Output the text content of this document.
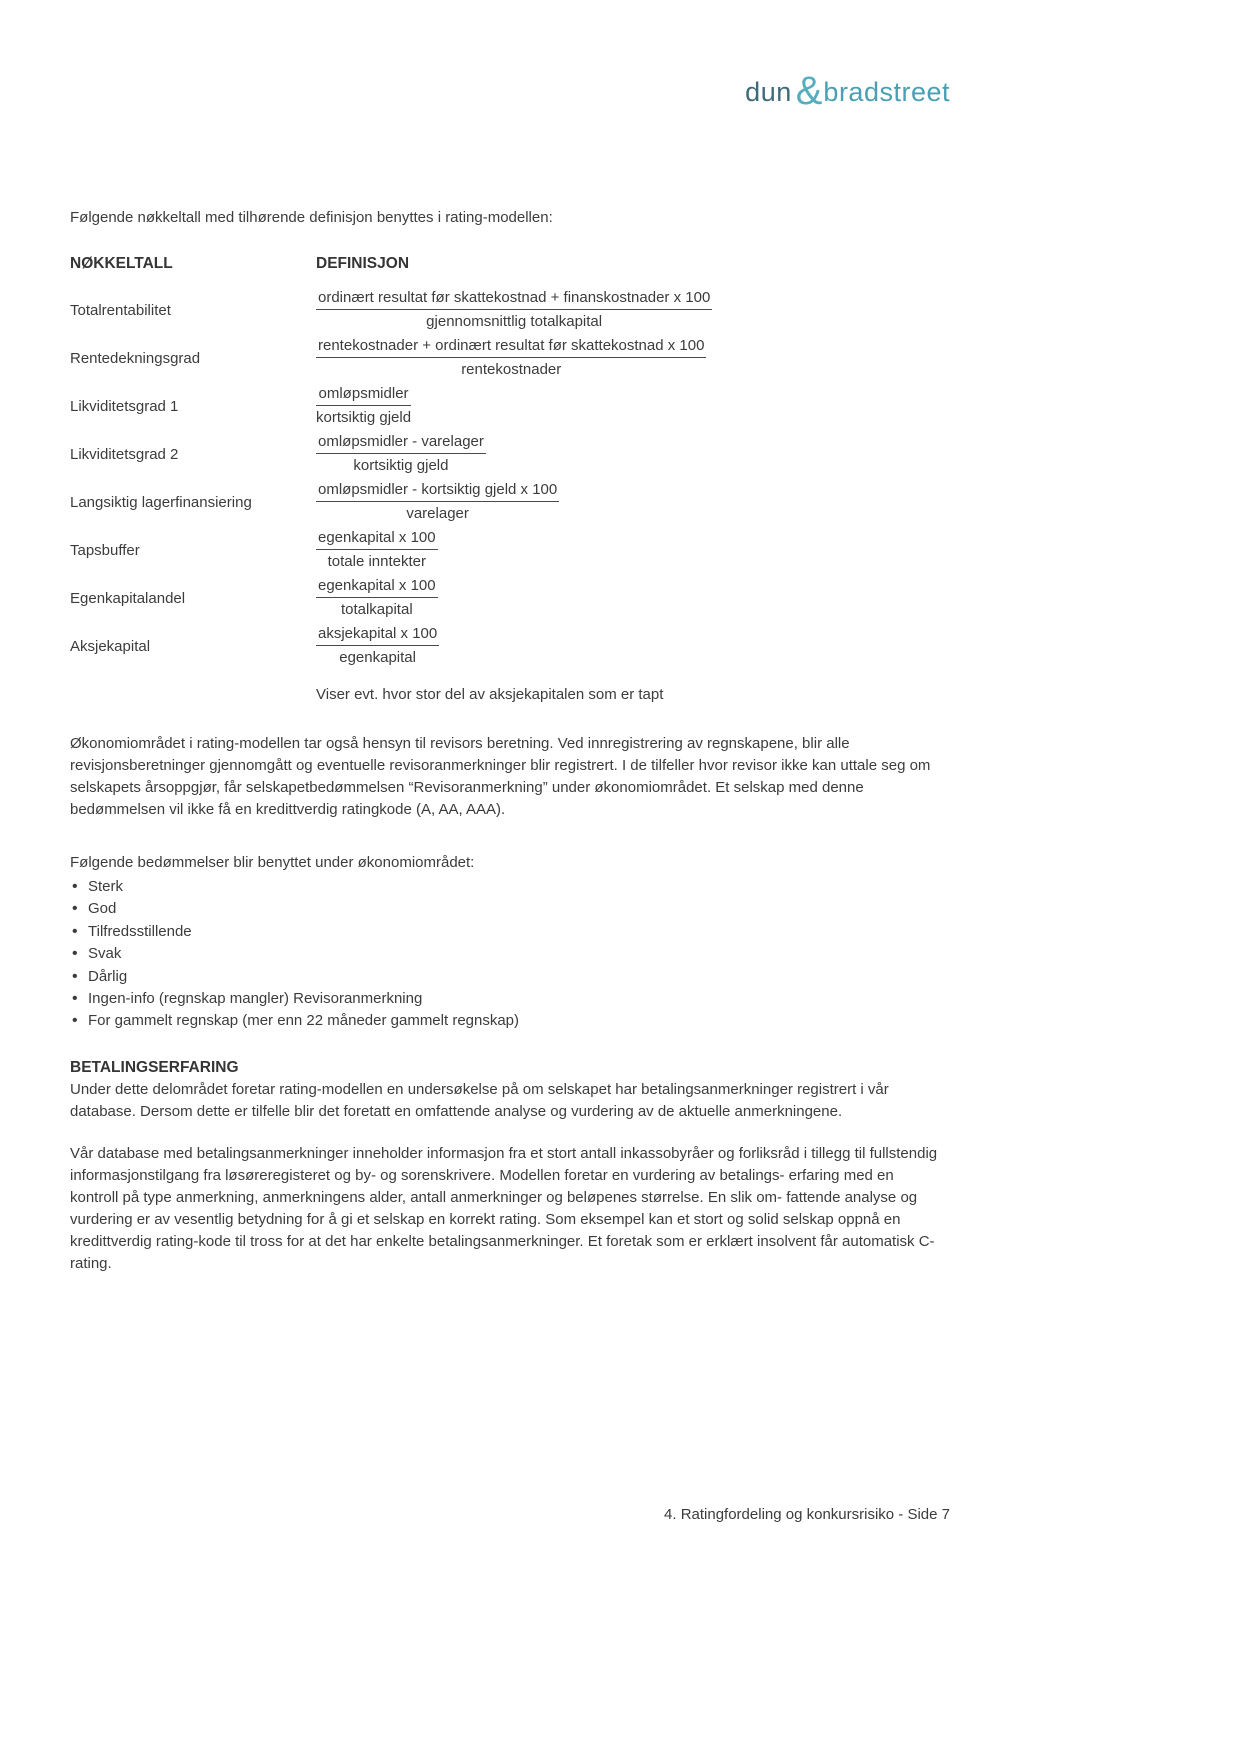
dun & bradstreet

Følgende nøkkeltall med tilhørende definisjon benyttes i rating-modellen:

NØKKELTALL	DEFINISJON
Totalrentabilitet	$\frac{\text{ordinært resultat før skattekostnad + finanskostnader x 100}}{\text{gjennomsnittlig totalkapital}}$
Rentedekningsgrad	$\frac{\text{rentekostnader + ordinært resultat før skattekostnad x 100}}{\text{rentekostnader}}$
Likviditetsgrad 1	$\frac{\text{omløpsmidler}}{\text{kortsiktig gjeld}}$
Likviditetsgrad 2	$\frac{\text{omløpsmidler - varelager}}{\text{kortsiktig gjeld}}$
Langsiktig lagerfinansiering	$\frac{\text{omløpsmidler - kortsiktig gjeld x 100}}{\text{varelager}}$
Tapsbuffer	$\frac{\text{egenkapital x 100}}{\text{totale inntekter}}$
Egenkapitalandel	$\frac{\text{egenkapital x 100}}{\text{totalkapital}}$
Aksjekapital	$\frac{\text{aksjekapital x 100}}{\text{egenkapital}}$
Viser evt. hvor stor del av aksjekapitalen som er tapt

Økonomiområdet i rating-modellen tar også hensyn til revisors beretning. Ved innregistrering av regnskapene, blir alle revisjonsberetninger gjennomgått og eventuelle revisoranmerkninger blir registrert. I de tilfeller hvor revisor ikke kan uttale seg om selskapets årsoppgjør, får selskapetbedømmelsen “Revisoranmerkning” under økonomiområdet. Et selskap med denne bedømmelsen vil ikke få en kredittverdig ratingkode (A, AA, AAA).

Følgende bedømmelser blir benyttet under økonomiområdet:

• Sterk
• God
• Tilfredsstillende
• Svak
• Dårlig
• Ingen-info (regnskap mangler) Revisoranmerkning
• For gammelt regnskap (mer enn 22 måneder gammelt regnskap)
BETALINGSERFARING

Under dette delområdet foretar rating-modellen en undersøkelse på om selskapet har betalingsanmerkninger registrert i vår database. Dersom dette er tilfelle blir det foretatt en omfattende analyse og vurdering av de aktuelle anmerkningene.

Vår database med betalingsanmerkninger inneholder informasjon fra et stort antall inkassobyråer og forliksråd i tillegg til fullstendig informasjonstilgang fra løsøreregisteret og by- og sorenskrivere. Modellen foretar en vurdering av betalings- erfaring med en kontroll på type anmerkning, anmerkningens alder, antall anmerkninger og beløpenes størrelse. En slik om- fattende analyse og vurdering er av vesentlig betydning for å gi et selskap en korrekt rating. Som eksempel kan et stort og solid selskap oppnå en kredittverdig rating-kode til tross for at det har enkelte betalingsanmerkninger. Et foretak som er erklært insolvent får automatisk C-rating.

4. Ratingfordeling og konkursrisiko - Side 7
